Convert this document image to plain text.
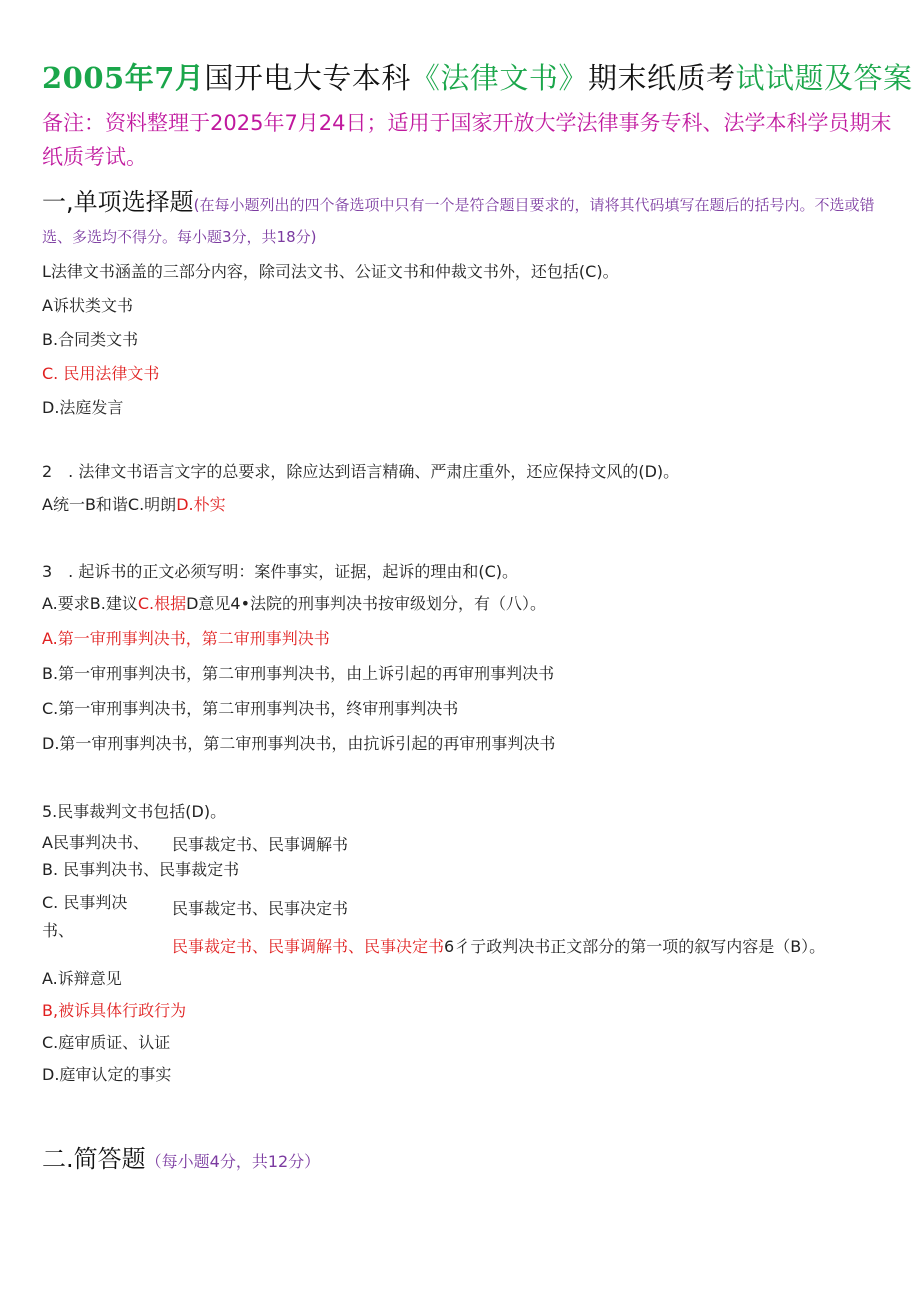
2005年7月国开电大专本科《法律文书》期末纸质考试试题及答案
备注：资料整理于2025年7月24日；适用于国家开放大学法律事务专科、法学本科学员期末纸质考试。
一,单项选择题(在每小题列出的四个备选项中只有一个是符合题目要求的，请将其代码填写在题后的括号内。不选或错选、多选均不得分。每小题3分，共18分)
L法律文书涵盖的三部分内容，除司法文书、公证文书和仲裁文书外，还包括(C)。
A诉状类文书
B.合同类文书
C. 民用法律文书
D.法庭发言
2　. 法律文书语言文字的总要求，除应达到语言精确、严肃庄重外，还应保持文风的(D)。
A统一B和谐C.明朗D.朴实
3　. 起诉书的正文必须写明：案件事实，证据，起诉的理由和(C)。
A.要求B.建议C.根据D意见4•法院的刑事判决书按审级划分，有（八）。
A.第一审刑事判决书，第二审刑事判决书
B.第一审刑事判决书，第二审刑事判决书，由上诉引起的再审刑事判决书
C.第一审刑事判决书，第二审刑事判决书，终审刑事判决书
D.第一审刑事判决书，第二审刑事判决书，由抗诉引起的再审刑事判决书
5.民事裁判文书包括(D)。
A民事判决书、 民事裁定书、民事调解书
B. 民事判决书、民事裁定书
C. 民事判决
书、
民事裁定书、民事决定书
民事裁定书、民事调解书、民事决定书6彳亍政判决书正文部分的第一项的叙写内容是（B）。
A.诉辩意见
B,被诉具体行政行为
C.庭审质证、认证
D.庭审认定的事实
二.简答题（每小题4分，共12分）
